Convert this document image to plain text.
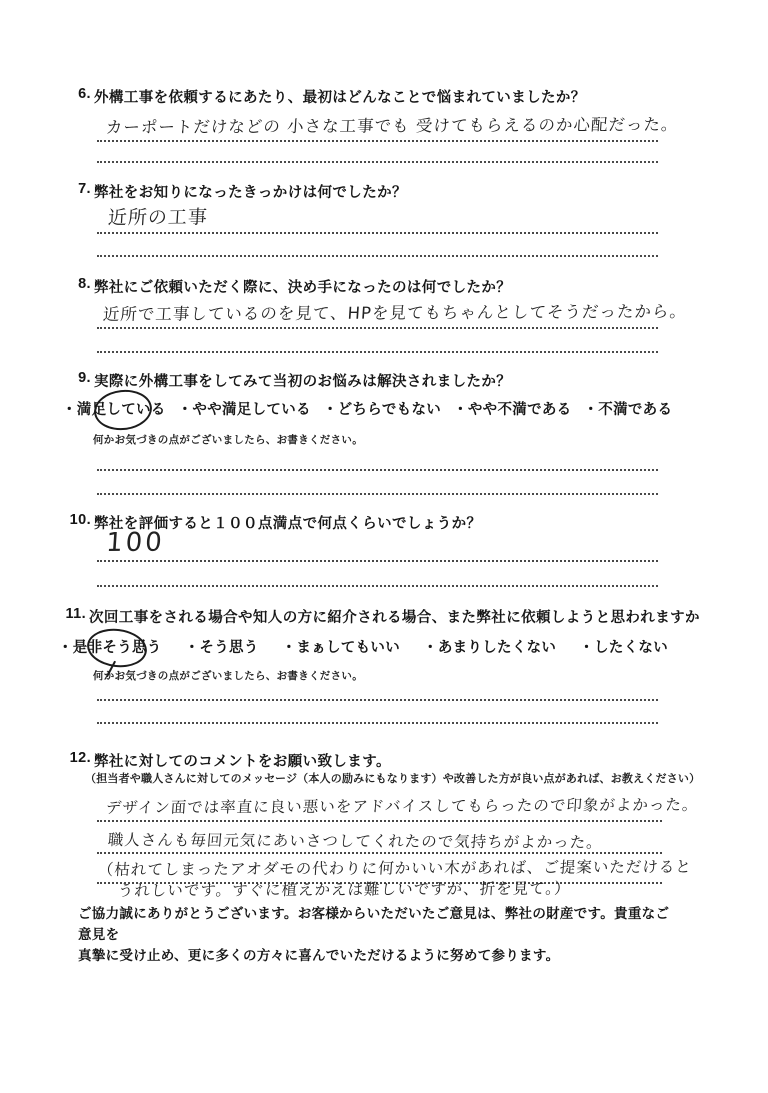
6. 外構工事を依頼するにあたり、最初はどんなことで悩まれていましたか？
カーポートだけなどの 小さな工事でも 受けてもらえるのか心配だった。
7. 弊社をお知りになったきっかけは何でしたか？
近所の工事
8. 弊社にご依頼いただく際に、決め手になったのは何でしたか？
近所で工事しているのを見て、HPを見てもちゃんとしてそうだったから。
9. 実際に外構工事をしてみて当初のお悩みは解決されましたか？
・満足している ・やや満足している ・どちらでもない ・やや不満である ・不満である
何かお気づきの点がございましたら、お書きください。
10. 弊社を評価すると１００点満点で何点くらいでしょうか？
100
11. 次回工事をされる場合や知人の方に紹介される場合、また弊社に依頼しようと思われますか
・是非そう思う ・そう思う ・まぁしてもいい ・あまりしたくない ・したくない
何かお気づきの点がございましたら、お書きください。
12. 弊社に対してのコメントをお願い致します。
（担当者や職人さんに対してのメッセージ（本人の励みにもなります）や改善した方が良い点があれば、お教えください）
デザイン面では率直に良い悪いをアドバイスしてもらったので印象がよかった。
職人さんも毎回元気にあいさつしてくれたので気持ちがよかった。
（枯れてしまったアオダモの代わりに何かいい木があれば、ご提案いただけると
うれしいです。すぐに植えかえは難しいですが、折を見て。）
ご協力誠にありがとうございます。お客様からいただいたご意見は、弊社の財産です。貴重なご意見を
真摯に受け止め、更に多くの方々に喜んでいただけるように努めて参ります。
